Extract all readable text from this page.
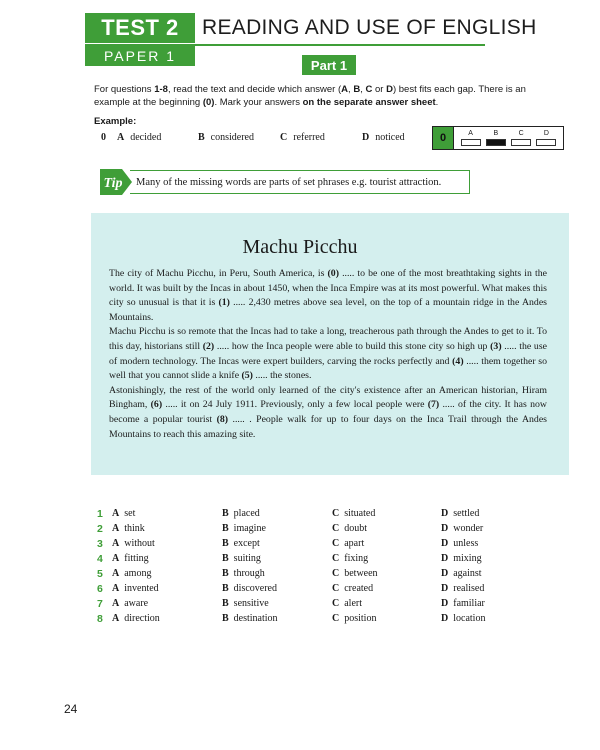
TEST 2 READING AND USE OF ENGLISH
PAPER 1
Part 1
For questions 1-8, read the text and decide which answer (A, B, C or D) best fits each gap. There is an example at the beginning (0). Mark your answers on the separate answer sheet.
Example:
0	A decided	B considered	C referred	D noticed	0	A	B	C	D
Tip	Many of the missing words are parts of set phrases e.g. tourist attraction.
Machu Picchu

The city of Machu Picchu, in Peru, South America, is (0) ..... to be one of the most breathtaking sights in the world. It was built by the Incas in about 1450, when the Inca Empire was at its most powerful. What makes this city so unusual is that it is (1) ..... 2,430 metres above sea level, on the top of a mountain ridge in the Andes Mountains.

Machu Picchu is so remote that the Incas had to take a long, treacherous path through the Andes to get to it. To this day, historians still (2) ..... how the Inca people were able to build this stone city so high up (3) ..... the use of modern technology. The Incas were expert builders, carving the rocks perfectly and (4) ..... them together so well that you cannot slide a knife (5) ..... the stones.

Astonishingly, the rest of the world only learned of the city's existence after an American historian, Hiram Bingham, (6) ..... it on 24 July 1911. Previously, only a few local people were (7) ..... of the city. It has now become a popular tourist (8) ..... . People walk for up to four days on the Inca Trail through the Andes Mountains to reach this amazing site.

1 A set	B placed	C situated	D settled
2 A think	B imagine	C doubt	D wonder
3 A without	B except	C apart	D unless
4 A fitting	B suiting	C fixing	D mixing
5 A among	B through	C between	D against
6 A invented	B discovered	C created	D realised
7 A aware	B sensitive	C alert	D familiar
8 A direction	B destination	C position	D location
24
